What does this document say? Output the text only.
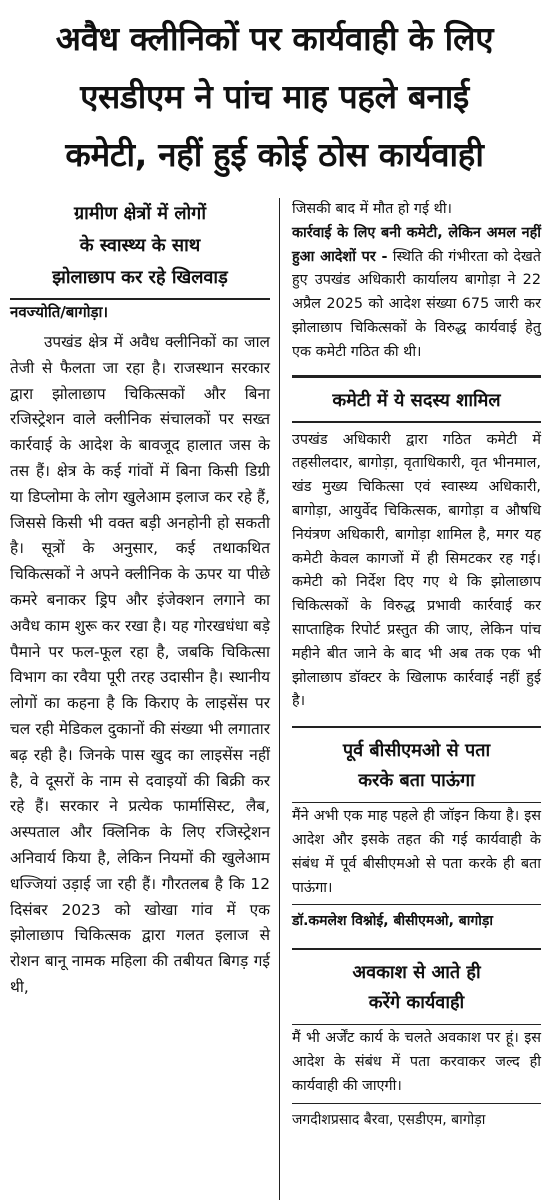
अवैध क्लीनिकों पर कार्यवाही के लिए
एसडीएम ने पांच माह पहले बनाई
कमेटी, नहीं हुई कोई ठोस कार्यवाही
ग्रामीण क्षेत्रों में लोगों
के स्वास्थ्य के साथ
झोलाछाप कर रहे खिलवाड़
नवज्योति/बागोड़ा।

उपखंड क्षेत्र में अवैध क्लीनिकों का जाल तेजी से फैलता जा रहा है। राजस्थान सरकार द्वारा झोलाछाप चिकित्सकों और बिना रजिस्ट्रेशन वाले क्लीनिक संचालकों पर सख्त कार्रवाई के आदेश के बावजूद हालात जस के तस हैं। क्षेत्र के कई गांवों में बिना किसी डिग्री या डिप्लोमा के लोग खुलेआम इलाज कर रहे हैं, जिससे किसी भी वक्त बड़ी अनहोनी हो सकती है। सूत्रों के अनुसार, कई तथाकथित चिकित्सकों ने अपने क्लीनिक के ऊपर या पीछे कमरे बनाकर ड्रिप और इंजेक्शन लगाने का अवैध काम शुरू कर रखा है। यह गोरखधंधा बड़े पैमाने पर फल-फूल रहा है, जबकि चिकित्सा विभाग का रवैया पूरी तरह उदासीन है। स्थानीय लोगों का कहना है कि किराए के लाइसेंस पर चल रही मेडिकल दुकानों की संख्या भी लगातार बढ़ रही है। जिनके पास खुद का लाइसेंस नहीं है, वे दूसरों के नाम से दवाइयों की बिक्री कर रहे हैं। सरकार ने प्रत्येक फार्मासिस्ट, लैब, अस्पताल और क्लिनिक के लिए रजिस्ट्रेशन अनिवार्य किया है, लेकिन नियमों की खुलेआम धज्जियां उड़ाई जा रही हैं। गौरतलब है कि 12 दिसंबर 2023 को खोखा गांव में एक झोलाछाप चिकित्सक द्वारा गलत इलाज से रोशन बानू नामक महिला की तबीयत बिगड़ गई थी,

जिसकी बाद में मौत हो गई थी।
कार्रवाई के लिए बनी कमेटी, लेकिन अमल नहीं हुआ आदेशों पर - स्थिति की गंभीरता को देखते हुए उपखंड अधिकारी कार्यालय बागोड़ा ने 22 अप्रैल 2025 को आदेश संख्या 675 जारी कर झोलाछाप चिकित्सकों के विरुद्ध कार्यवाई हेतु एक कमेटी गठित की थी।

कमेटी में ये सदस्य शामिल

उपखंड अधिकारी द्वारा गठित कमेटी में तहसीलदार, बागोड़ा, वृताधिकारी, वृत भीनमाल, खंड मुख्य चिकित्सा एवं स्वास्थ्य अधिकारी, बागोड़ा, आयुर्वेद चिकित्सक, बागोड़ा व औषधि नियंत्रण अधिकारी, बागोड़ा शामिल है, मगर यह कमेटी केवल कागजों में ही सिमटकर रह गई। कमेटी को निर्देश दिए गए थे कि झोलाछाप चिकित्सकों के विरुद्ध प्रभावी कार्रवाई कर साप्ताहिक रिपोर्ट प्रस्तुत की जाए, लेकिन पांच महीने बीत जाने के बाद भी अब तक एक भी झोलाछाप डॉक्टर के खिलाफ कार्रवाई नहीं हुई है।

पूर्व बीसीएमओ से पता
करके बता पाऊंगा

मैंने अभी एक माह पहले ही जॉइन किया है। इस आदेश और इसके तहत की गई कार्यवाही के संबंध में पूर्व बीसीएमओ से पता करके ही बता पाऊंगा।

डॉ.कमलेश विश्नोई, बीसीएमओ, बागोड़ा
अवकाश से आते ही
करेंगे कार्यवाही

मैं भी अर्जेंट कार्य के चलते अवकाश पर हूं। इस आदेश के संबंध में पता करवाकर जल्द ही कार्यवाही की जाएगी।

जगदीशप्रसाद बैरवा, एसडीएम, बागोड़ा
